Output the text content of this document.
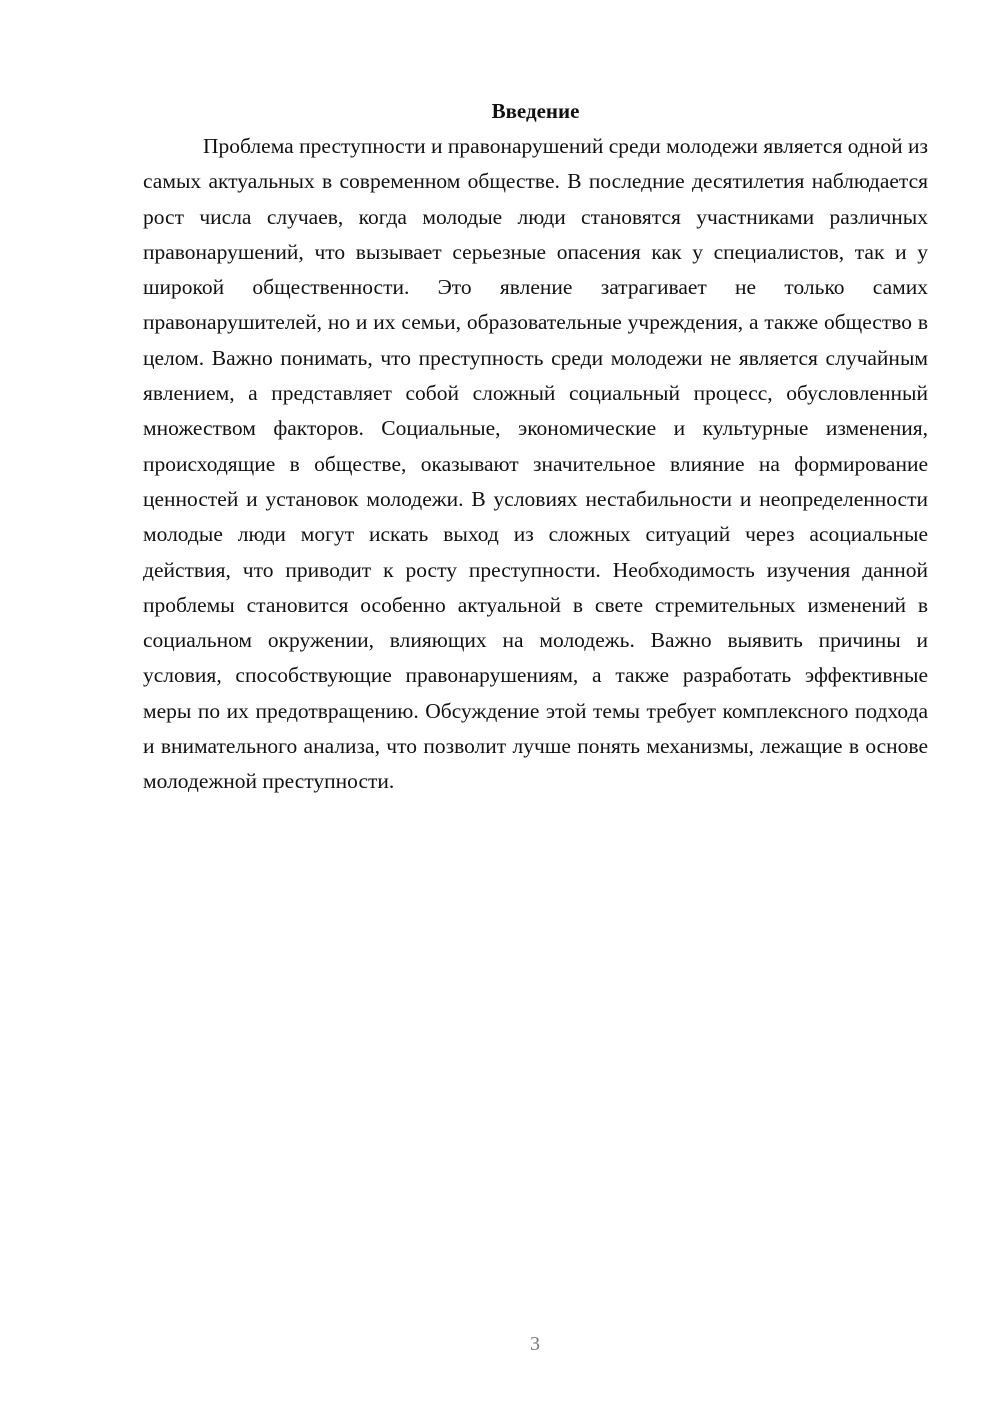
Введение

Проблема преступности и правонарушений среди молодежи является одной из самых актуальных в современном обществе. В последние десятилетия наблюдается рост числа случаев, когда молодые люди становятся участниками различных правонарушений, что вызывает серьезные опасения как у специалистов, так и у широкой общественности. Это явление затрагивает не только самих правонарушителей, но и их семьи, образовательные учреждения, а также общество в целом. Важно понимать, что преступность среди молодежи не является случайным явлением, а представляет собой сложный социальный процесс, обусловленный множеством факторов. Социальные, экономические и культурные изменения, происходящие в обществе, оказывают значительное влияние на формирование ценностей и установок молодежи. В условиях нестабильности и неопределенности молодые люди могут искать выход из сложных ситуаций через асоциальные действия, что приводит к росту преступности. Необходимость изучения данной проблемы становится особенно актуальной в свете стремительных изменений в социальном окружении, влияющих на молодежь. Важно выявить причины и условия, способствующие правонарушениям, а также разработать эффективные меры по их предотвращению. Обсуждение этой темы требует комплексного подхода и внимательного анализа, что позволит лучше понять механизмы, лежащие в основе молодежной преступности.

3
